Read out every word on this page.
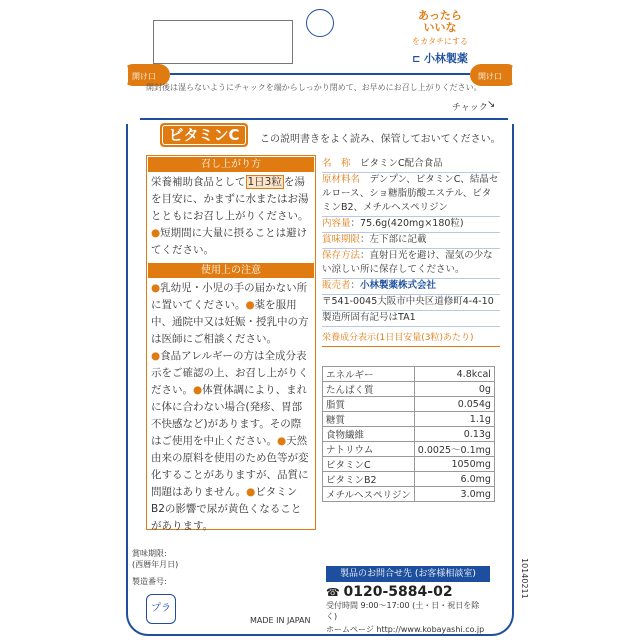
あったら
いいな
をカタチにする
⊏ 小林製薬
開け口	開け口
開封後は湿らないようにチャックを端からしっかり閉めて、お早めにお召し上がりください。
チャック ↘
ビタミンC	この説明書きをよく読み、保管しておいてください。
召し上がり方
栄養補助食品として 1日3粒 を湯を目安に、かまずに水またはお湯とともにお召し上がりください。
●短期間に大量に摂ることは避けてください。
使用上の注意
●乳幼児・小児の手の届かない所に置いてください。●薬を服用中、通院中又は妊娠・授乳中の方は医師にご相談ください。
●食品アレルギーの方は全成分表示をご確認の上、お召し上がりください。●体質体調により、まれに体に合わない場合(発疹、胃部不快感など)があります。その際はご使用を中止ください。●天然由来の原料を使用のため色等が変化することがありますが、品質に問題はありません。●ビタミンB2の影響で尿が黄色くなることがあります。
名　称　 ビタミンC配合食品
原材料名　 デンプン、ビタミンC、結晶セルロース、ショ糖脂肪酸エステル、ビタミンB2、メチルヘスペリジン
内容量：75.6g(420mg×180粒)
賞味期限：左下部に記載
保存方法：直射日光を避け、湿気の少ない涼しい所に保存してください。
販売者：小林製薬株式会社
〒541-0045大阪市中央区道修町4-4-10
製造所固有記号はTA1
栄養成分表示(1日目安量(3粒)あたり)
エネルギー	4.8kcal
たんぱく質	0g
脂質	0.054g
糖質	1.1g
食物繊維	0.13g
ナトリウム	0.0025〜0.1mg
ビタミンC	1050mg
ビタミンB2	6.0mg
メチルヘスペリジン	3.0mg
賞味期限:
(西暦年月日)
製造番号:
プラ
MADE IN JAPAN
製品のお問合せ先 (お客様相談室)
☎ 0120-5884-02
受付時間 9:00〜17:00 (土・日・祝日を除く)
ホームページ http://www.kobayashi.co.jp
10140211
